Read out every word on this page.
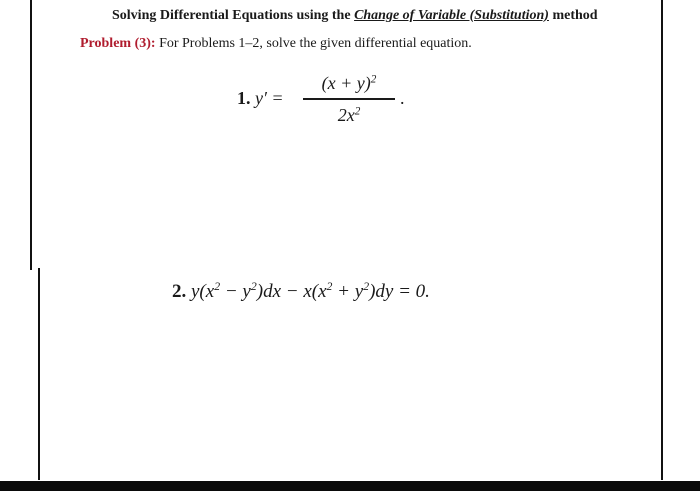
Solving Differential Equations using the Change of Variable (Substitution) method
Problem (3): For Problems 1–2, solve the given differential equation.
1. y′ =
$(x + y)^2$
$2x^2$
.
2. $y(x^2 - y^2)dx - x(x^2 + y^2)dy = 0$.
